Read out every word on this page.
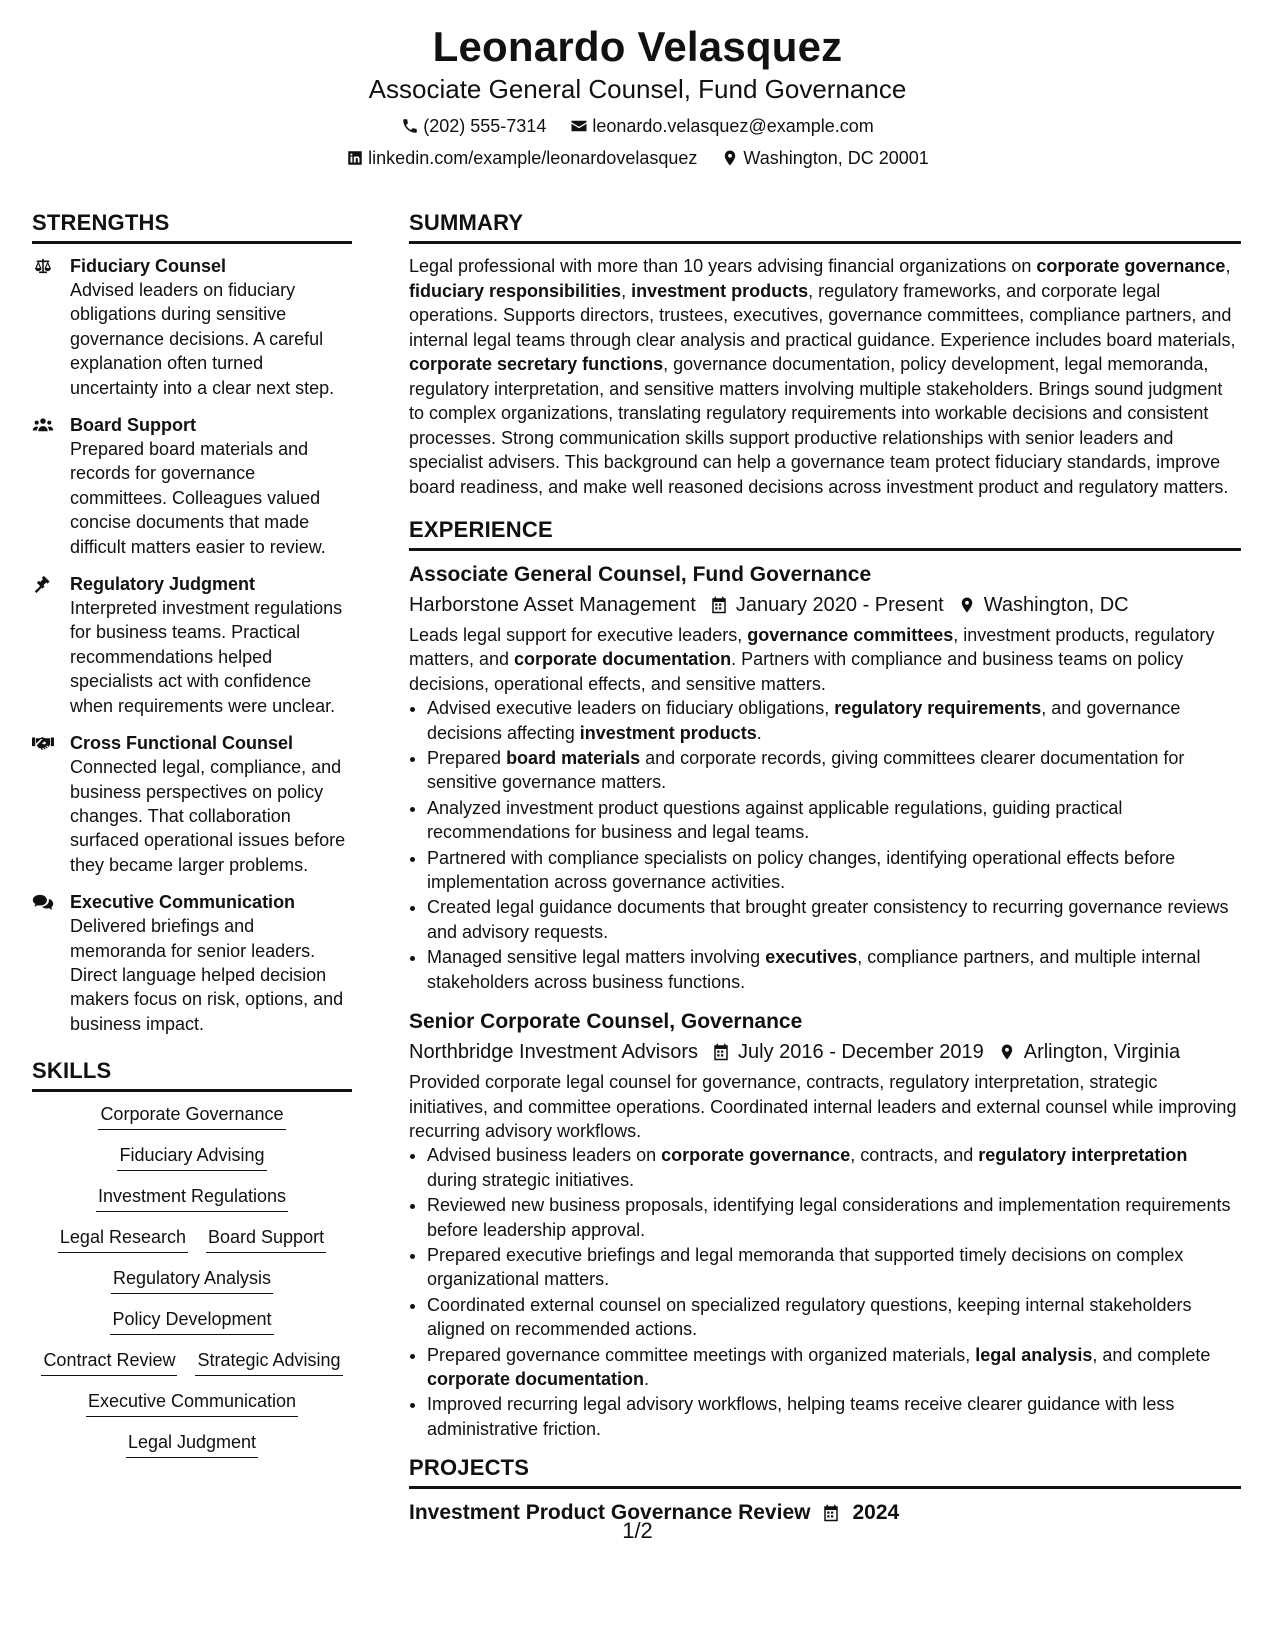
Leonardo Velasquez
Associate General Counsel, Fund Governance
(202) 555-7314	leonardo.velasquez@example.com
linkedin.com/example/leonardovelasquez	Washington, DC 20001
STRENGTHS
Fiduciary Counsel
Advised leaders on fiduciary obligations during sensitive governance decisions. A careful explanation often turned uncertainty into a clear next step.
Board Support
Prepared board materials and records for governance committees. Colleagues valued concise documents that made difficult matters easier to review.
Regulatory Judgment
Interpreted investment regulations for business teams. Practical recommendations helped specialists act with confidence when requirements were unclear.
Cross Functional Counsel
Connected legal, compliance, and business perspectives on policy changes. That collaboration surfaced operational issues before they became larger problems.
Executive Communication
Delivered briefings and memoranda for senior leaders. Direct language helped decision makers focus on risk, options, and business impact.
SKILLS
Corporate Governance
Fiduciary Advising
Investment Regulations
Legal Research Board Support
Regulatory Analysis
Policy Development
Contract Review Strategic Advising
Executive Communication
Legal Judgment
SUMMARY
Legal professional with more than 10 years advising financial organizations on corporate governance, fiduciary responsibilities, investment products, regulatory frameworks, and corporate legal operations. Supports directors, trustees, executives, governance committees, compliance partners, and internal legal teams through clear analysis and practical guidance. Experience includes board materials, corporate secretary functions, governance documentation, policy development, legal memoranda, regulatory interpretation, and sensitive matters involving multiple stakeholders. Brings sound judgment to complex organizations, translating regulatory requirements into workable decisions and consistent processes. Strong communication skills support productive relationships with senior leaders and specialist advisers. This background can help a governance team protect fiduciary standards, improve board readiness, and make well reasoned decisions across investment product and regulatory matters.
EXPERIENCE
Associate General Counsel, Fund Governance
Harborstone Asset Management January 2020 - Present Washington, DC
Leads legal support for executive leaders, governance committees, investment products, regulatory matters, and corporate documentation. Partners with compliance and business teams on policy decisions, operational effects, and sensitive matters.
• Advised executive leaders on fiduciary obligations, regulatory requirements, and governance decisions affecting investment products.
• Prepared board materials and corporate records, giving committees clearer documentation for sensitive governance matters.
• Analyzed investment product questions against applicable regulations, guiding practical recommendations for business and legal teams.
• Partnered with compliance specialists on policy changes, identifying operational effects before implementation across governance activities.
• Created legal guidance documents that brought greater consistency to recurring governance reviews and advisory requests.
• Managed sensitive legal matters involving executives, compliance partners, and multiple internal stakeholders across business functions.
Senior Corporate Counsel, Governance
Northbridge Investment Advisors July 2016 - December 2019 Arlington, Virginia
Provided corporate legal counsel for governance, contracts, regulatory interpretation, strategic initiatives, and committee operations. Coordinated internal leaders and external counsel while improving recurring advisory workflows.
• Advised business leaders on corporate governance, contracts, and regulatory interpretation during strategic initiatives.
• Reviewed new business proposals, identifying legal considerations and implementation requirements before leadership approval.
• Prepared executive briefings and legal memoranda that supported timely decisions on complex organizational matters.
• Coordinated external counsel on specialized regulatory questions, keeping internal stakeholders aligned on recommended actions.
• Prepared governance committee meetings with organized materials, legal analysis, and complete corporate documentation.
• Improved recurring legal advisory workflows, helping teams receive clearer guidance with less administrative friction.
PROJECTS
Investment Product Governance Review 2024
1/2
